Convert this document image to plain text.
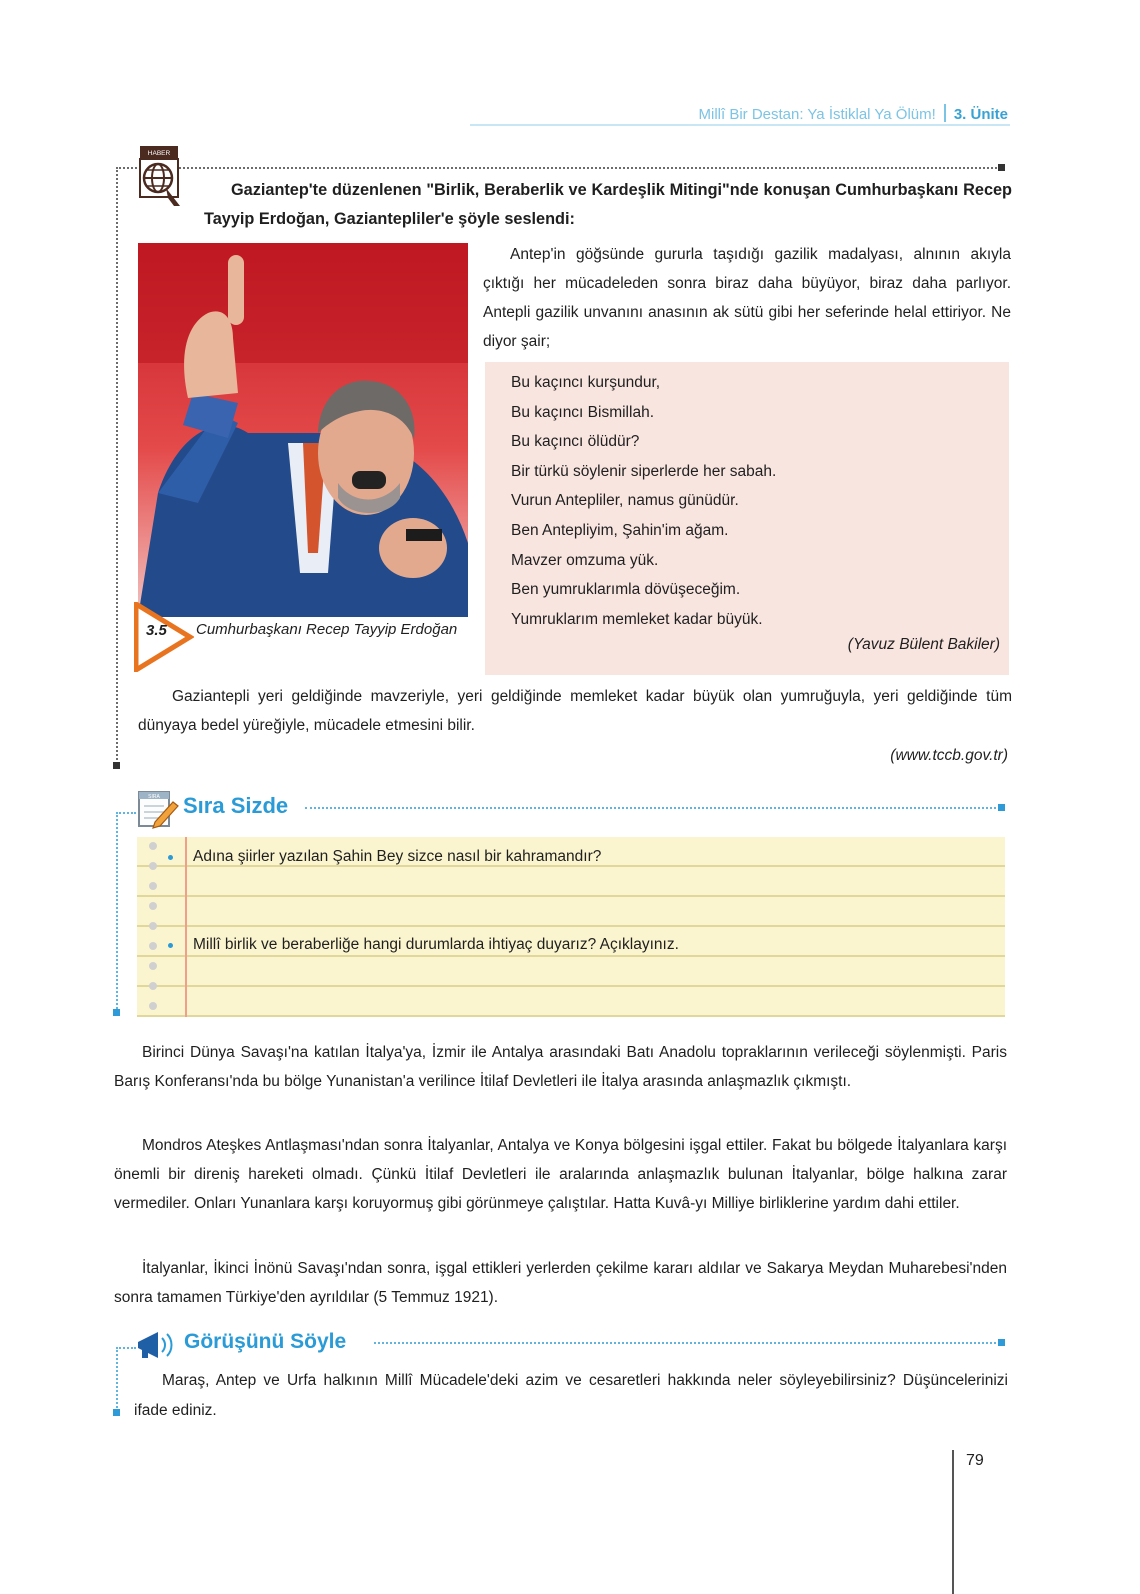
Millî Bir Destan: Ya İstiklal Ya Ölüm! 3. Ünite
HABER
Gaziantep'te düzenlenen "Birlik, Beraberlik ve Kardeşlik Mitingi"nde konuşan Cumhurbaşkanı Recep Tayyip Erdoğan, Gaziantepliler'e şöyle seslendi:
3.5 Cumhurbaşkanı Recep Tayyip Erdoğan
Antep'in göğsünde gururla taşıdığı gazilik madalyası, alnının akıyla çıktığı her mücadeleden sonra biraz daha büyüyor, biraz daha parlıyor. Antepli gazilik unvanını anasının ak sütü gibi her seferinde helal ettiriyor. Ne diyor şair;
Bu kaçıncı kurşundur,
Bu kaçıncı Bismillah.
Bu kaçıncı ölüdür?
Bir türkü söylenir siperlerde her sabah.
Vurun Antepliler, namus günüdür.
Ben Antepliyim, Şahin'im ağam.
Mavzer omzuma yük.
Ben yumruklarımla dövüşeceğim.
Yumruklarım memleket kadar büyük.
(Yavuz Bülent Bakiler)
Gaziantepli yeri geldiğinde mavzeriyle, yeri geldiğinde memleket kadar büyük olan yumruğuyla, yeri geldiğinde tüm dünyaya bedel yüreğiyle, mücadele etmesini bilir.
(www.tccb.gov.tr)
SIRA Sıra Sizde
Adına şiirler yazılan Şahin Bey sizce nasıl bir kahramandır?
Millî birlik ve beraberliğe hangi durumlarda ihtiyaç duyarız? Açıklayınız.
Birinci Dünya Savaşı'na katılan İtalya'ya, İzmir ile Antalya arasındaki Batı Anadolu topraklarının verileceği söylenmişti. Paris Barış Konferansı'nda bu bölge Yunanistan'a verilince İtilaf Devletleri ile İtalya arasında anlaşmazlık çıkmıştı.
Mondros Ateşkes Antlaşması'ndan sonra İtalyanlar, Antalya ve Konya bölgesini işgal ettiler. Fakat bu bölgede İtalyanlara karşı önemli bir direniş hareketi olmadı. Çünkü İtilaf Devletleri ile aralarında anlaşmazlık bulunan İtalyanlar, bölge halkına zarar vermediler. Onları Yunanlara karşı koruyormuş gibi görünmeye çalıştılar. Hatta Kuvâ-yı Milliye birliklerine yardım dahi ettiler.
İtalyanlar, İkinci İnönü Savaşı'ndan sonra, işgal ettikleri yerlerden çekilme kararı aldılar ve Sakarya Meydan Muharebesi'nden sonra tamamen Türkiye'den ayrıldılar (5 Temmuz 1921).
Görüşünü Söyle
Maraş, Antep ve Urfa halkının Millî Mücadele'deki azim ve cesaretleri hakkında neler söyleyebilirsiniz? Düşüncelerinizi ifade ediniz.
79
